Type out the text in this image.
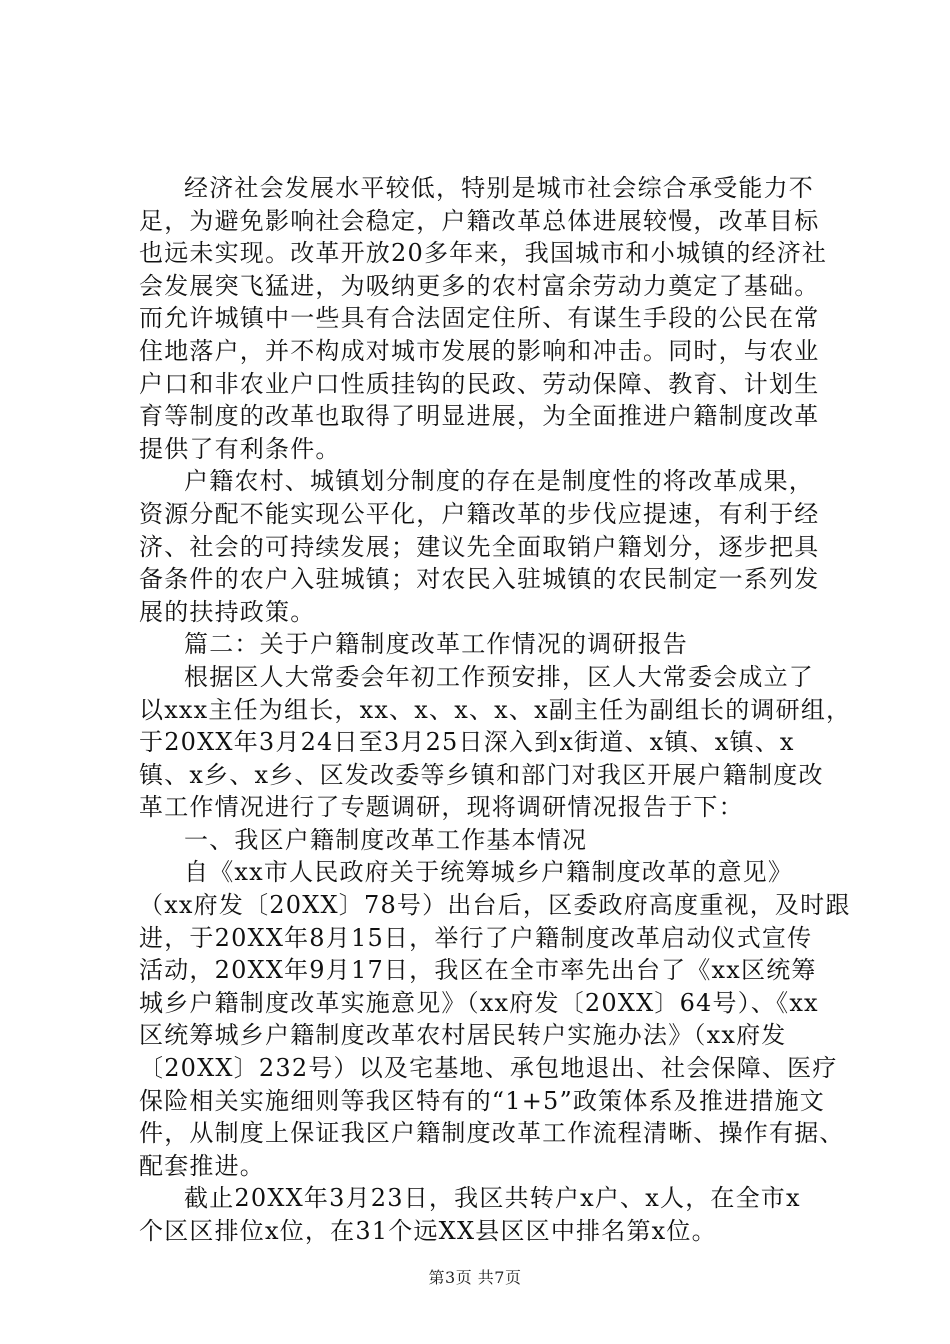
经济社会发展水平较低，特别是城市社会综合承受能力不
足，为避免影响社会稳定，户籍改革总体进展较慢，改革目标
也远未实现。改革开放20多年来，我国城市和小城镇的经济社
会发展突飞猛进，为吸纳更多的农村富余劳动力奠定了基础。
而允许城镇中一些具有合法固定住所、有谋生手段的公民在常
住地落户，并不构成对城市发展的影响和冲击。同时，与农业
户口和非农业户口性质挂钩的民政、劳动保障、教育、计划生
育等制度的改革也取得了明显进展，为全面推进户籍制度改革
提供了有利条件。
户籍农村、城镇划分制度的存在是制度性的将改革成果，
资源分配不能实现公平化，户籍改革的步伐应提速，有利于经
济、社会的可持续发展；建议先全面取销户籍划分，逐步把具
备条件的农户入驻城镇；对农民入驻城镇的农民制定一系列发
展的扶持政策。
篇二：关于户籍制度改革工作情况的调研报告
根据区人大常委会年初工作预安排，区人大常委会成立了
以xxx主任为组长，xx、x、x、x、x副主任为副组长的调研组，
于20XX年3月24日至3月25日深入到x街道、x镇、x镇、x
镇、x乡、x乡、区发改委等乡镇和部门对我区开展户籍制度改
革工作情况进行了专题调研，现将调研情况报告于下：
一、我区户籍制度改革工作基本情况
自《xx市人民政府关于统筹城乡户籍制度改革的意见》
（xx府发〔20XX〕78号）出台后，区委政府高度重视，及时跟
进，于20XX年8月15日，举行了户籍制度改革启动仪式宣传
活动，20XX年9月17日，我区在全市率先出台了《xx区统筹
城乡户籍制度改革实施意见》（xx府发〔20XX〕64号）、《xx
区统筹城乡户籍制度改革农村居民转户实施办法》（xx府发
〔20XX〕232号）以及宅基地、承包地退出、社会保障、医疗
保险相关实施细则等我区特有的“1+5”政策体系及推进措施文
件，从制度上保证我区户籍制度改革工作流程清晰、操作有据、
配套推进。
截止20XX年3月23日，我区共转户x户、x人，在全市x
个区区排位x位，在31个远XX县区区中排名第x位。
第3页 共7页
